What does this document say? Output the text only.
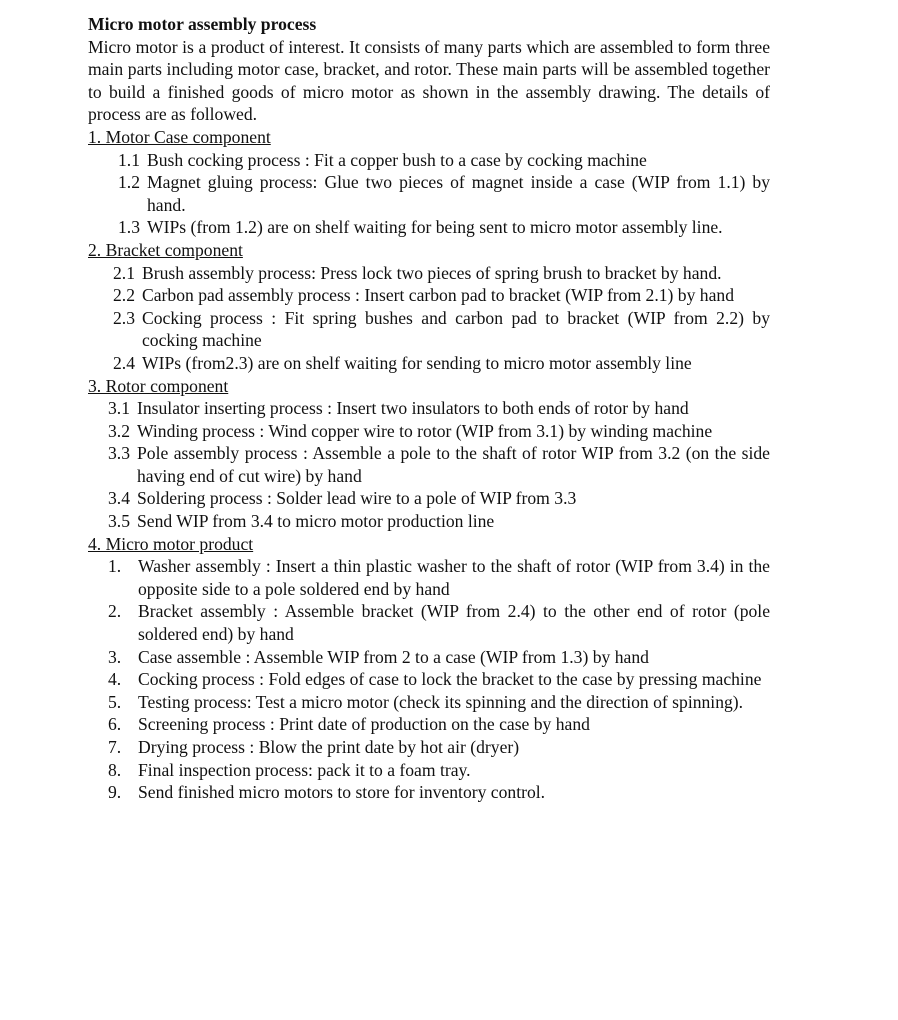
Micro motor assembly process

Micro motor is a product of interest. It consists of many parts which are assembled to form three main parts including motor case, bracket, and rotor. These main parts will be assembled together to build a finished goods of micro motor as shown in the assembly drawing. The details of process are as followed.

1. Motor Case component

1.1 Bush cocking process : Fit a copper bush to a case by cocking machine
1.2 Magnet gluing process: Glue two pieces of magnet inside a case (WIP from 1.1) by hand.
1.3 WIPs (from 1.2) are on shelf waiting for being sent to micro motor assembly line.

2. Bracket component

2.1 Brush assembly process: Press lock two pieces of spring brush to bracket by hand.
2.2 Carbon pad assembly process : Insert carbon pad to bracket (WIP from 2.1) by hand
2.3 Cocking process : Fit spring bushes and carbon pad to bracket (WIP from 2.2) by cocking machine
2.4 WIPs (from2.3) are on shelf waiting for sending to micro motor assembly line

3. Rotor component

3.1 Insulator inserting process : Insert two insulators to both ends of rotor by hand
3.2 Winding process : Wind copper wire to rotor (WIP from 3.1) by winding machine
3.3 Pole assembly process : Assemble a pole to the shaft of rotor WIP from 3.2 (on the side having end of cut wire) by hand
3.4 Soldering process : Solder lead wire to a pole of WIP from 3.3
3.5 Send WIP from 3.4 to micro motor production line

4. Micro motor product

1. Washer assembly : Insert a thin plastic washer to the shaft of rotor (WIP from 3.4) in the opposite side to a pole soldered end by hand
2. Bracket assembly : Assemble bracket (WIP from 2.4) to the other end of rotor (pole soldered end) by hand
3. Case assemble : Assemble WIP from 2 to a case (WIP from 1.3) by hand
4. Cocking process : Fold edges of case to lock the bracket to the case by pressing machine
5. Testing process: Test a micro motor (check its spinning and the direction of spinning).
6. Screening process : Print date of production on the case by hand
7. Drying process : Blow the print date by hot air (dryer)
8. Final inspection process: pack it to a foam tray.
9. Send finished micro motors to store for inventory control.
